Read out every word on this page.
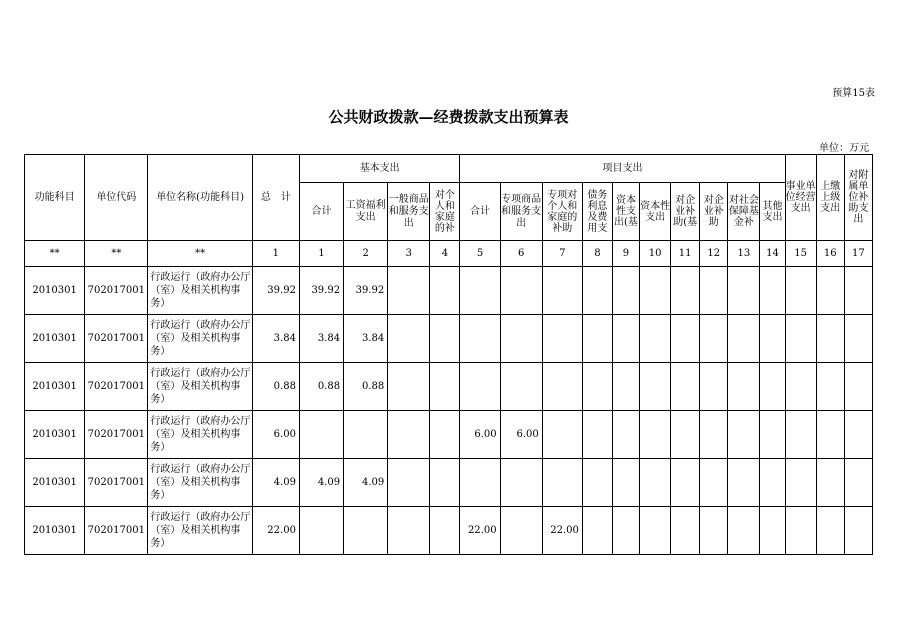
预算15表
公共财政拨款—经费拨款支出预算表
单位：万元
功能科目	单位代码	单位名称(功能科目)	总　计	基本支出				项目支出										事业单位经营支出	上缴上级支出	对附属单位补助支出
				合计	工资福利支出	一般商品和服务支出	对个人和家庭的补	合计	专项商品和服务支出	专项对个人和家庭的补助	债务利息及费用支	资本性支出(基	资本性支出	对企业补助(基	对企业补助	对社会保障基金补	其他支出			
**	**	**	1	1	2	3	4	5	6	7	8	9	10	11	12	13	14	15	16	17
2010301	702017001	行政运行（政府办公厅（室）及相关机构事务）	39.92	39.92	39.92															
2010301	702017001	行政运行（政府办公厅（室）及相关机构事务）	3.84	3.84	3.84															
2010301	702017001	行政运行（政府办公厅（室）及相关机构事务）	0.88	0.88	0.88															
2010301	702017001	行政运行（政府办公厅（室）及相关机构事务）	6.00					6.00	6.00											
2010301	702017001	行政运行（政府办公厅（室）及相关机构事务）	4.09	4.09	4.09															
2010301	702017001	行政运行（政府办公厅（室）及相关机构事务）	22.00					22.00		22.00										
